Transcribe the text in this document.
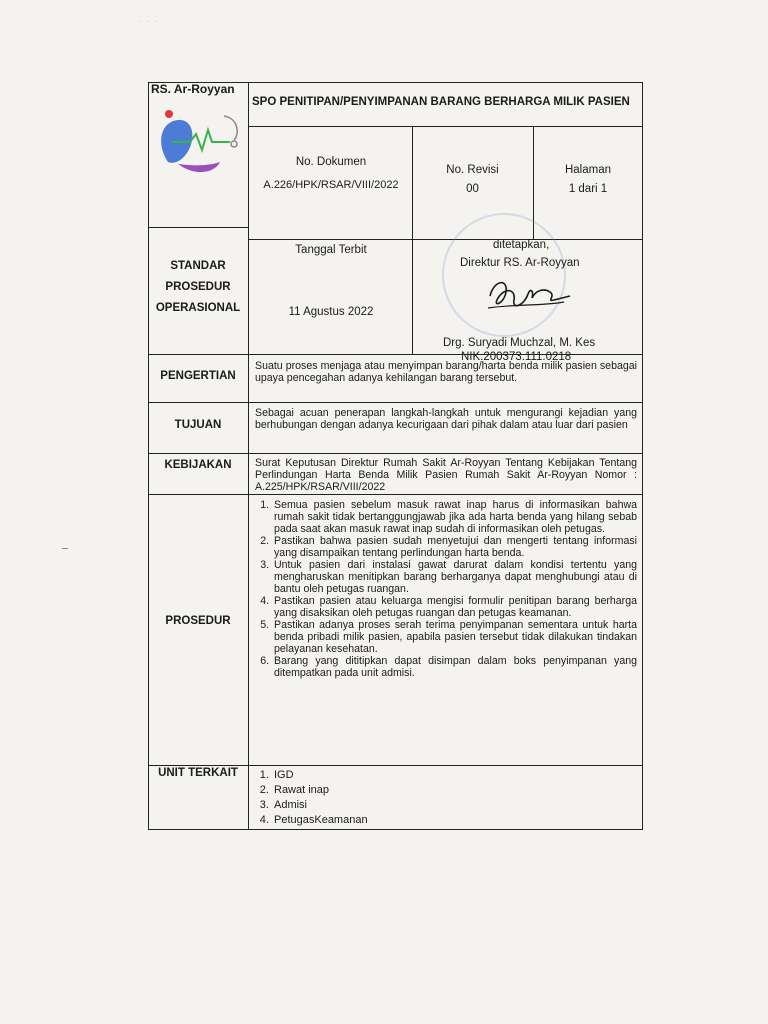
· · ·
RS. Ar-Royyan
SPO PENITIPAN/PENYIMPANAN BARANG BERHARGA MILIK PASIEN
No. Dokumen
A.226/HPK/RSAR/VIII/2022
No. Revisi
00
Halaman
1 dari 1
STANDAR
PROSEDUR
OPERASIONAL
Tanggal Terbit
11 Agustus 2022
ditetapkan,
Direktur RS. Ar-Royyan
Drg. Suryadi Muchzal, M. Kes
NIK.200373.111.0218
PENGERTIAN
Suatu proses menjaga atau menyimpan barang/harta benda milik pasien sebagai upaya pencegahan adanya kehilangan barang tersebut.
TUJUAN
Sebagai acuan penerapan langkah-langkah untuk mengurangi kejadian yang berhubungan dengan adanya kecurigaan dari pihak dalam atau luar dari pasien
KEBIJAKAN	Surat Keputusan Direktur Rumah Sakit Ar-Royyan Tentang Kebijakan Tentang Perlindungan Harta Benda Milik Pasien Rumah Sakit Ar-Royyan Nomor : A.225/HPK/RSAR/VIII/2022
PROSEDUR
1. Semua pasien sebelum masuk rawat inap harus di informasikan bahwa rumah sakit tidak bertanggungjawab jika ada harta benda yang hilang sebab pada saat akan masuk rawat inap sudah di informasikan oleh petugas.
2. Pastikan bahwa pasien sudah menyetujui dan mengerti tentang informasi yang disampaikan tentang perlindungan harta benda.
3. Untuk pasien dari instalasi gawat darurat dalam kondisi tertentu yang mengharuskan menitipkan barang berharganya dapat menghubungi atau di bantu oleh petugas ruangan.
4. Pastikan pasien atau keluarga mengisi formulir penitipan barang berharga yang disaksikan oleh petugas ruangan dan petugas keamanan.
5. Pastikan adanya proses serah terima penyimpanan sementara untuk harta benda pribadi milik pasien, apabila pasien tersebut tidak dilakukan tindakan pelayanan kesehatan.
6. Barang yang dititipkan dapat disimpan dalam boks penyimpanan yang ditempatkan pada unit admisi.
UNIT TERKAIT
1.	IGD
2. Rawat inap
3. Admisi
4. PetugasKeamanan
